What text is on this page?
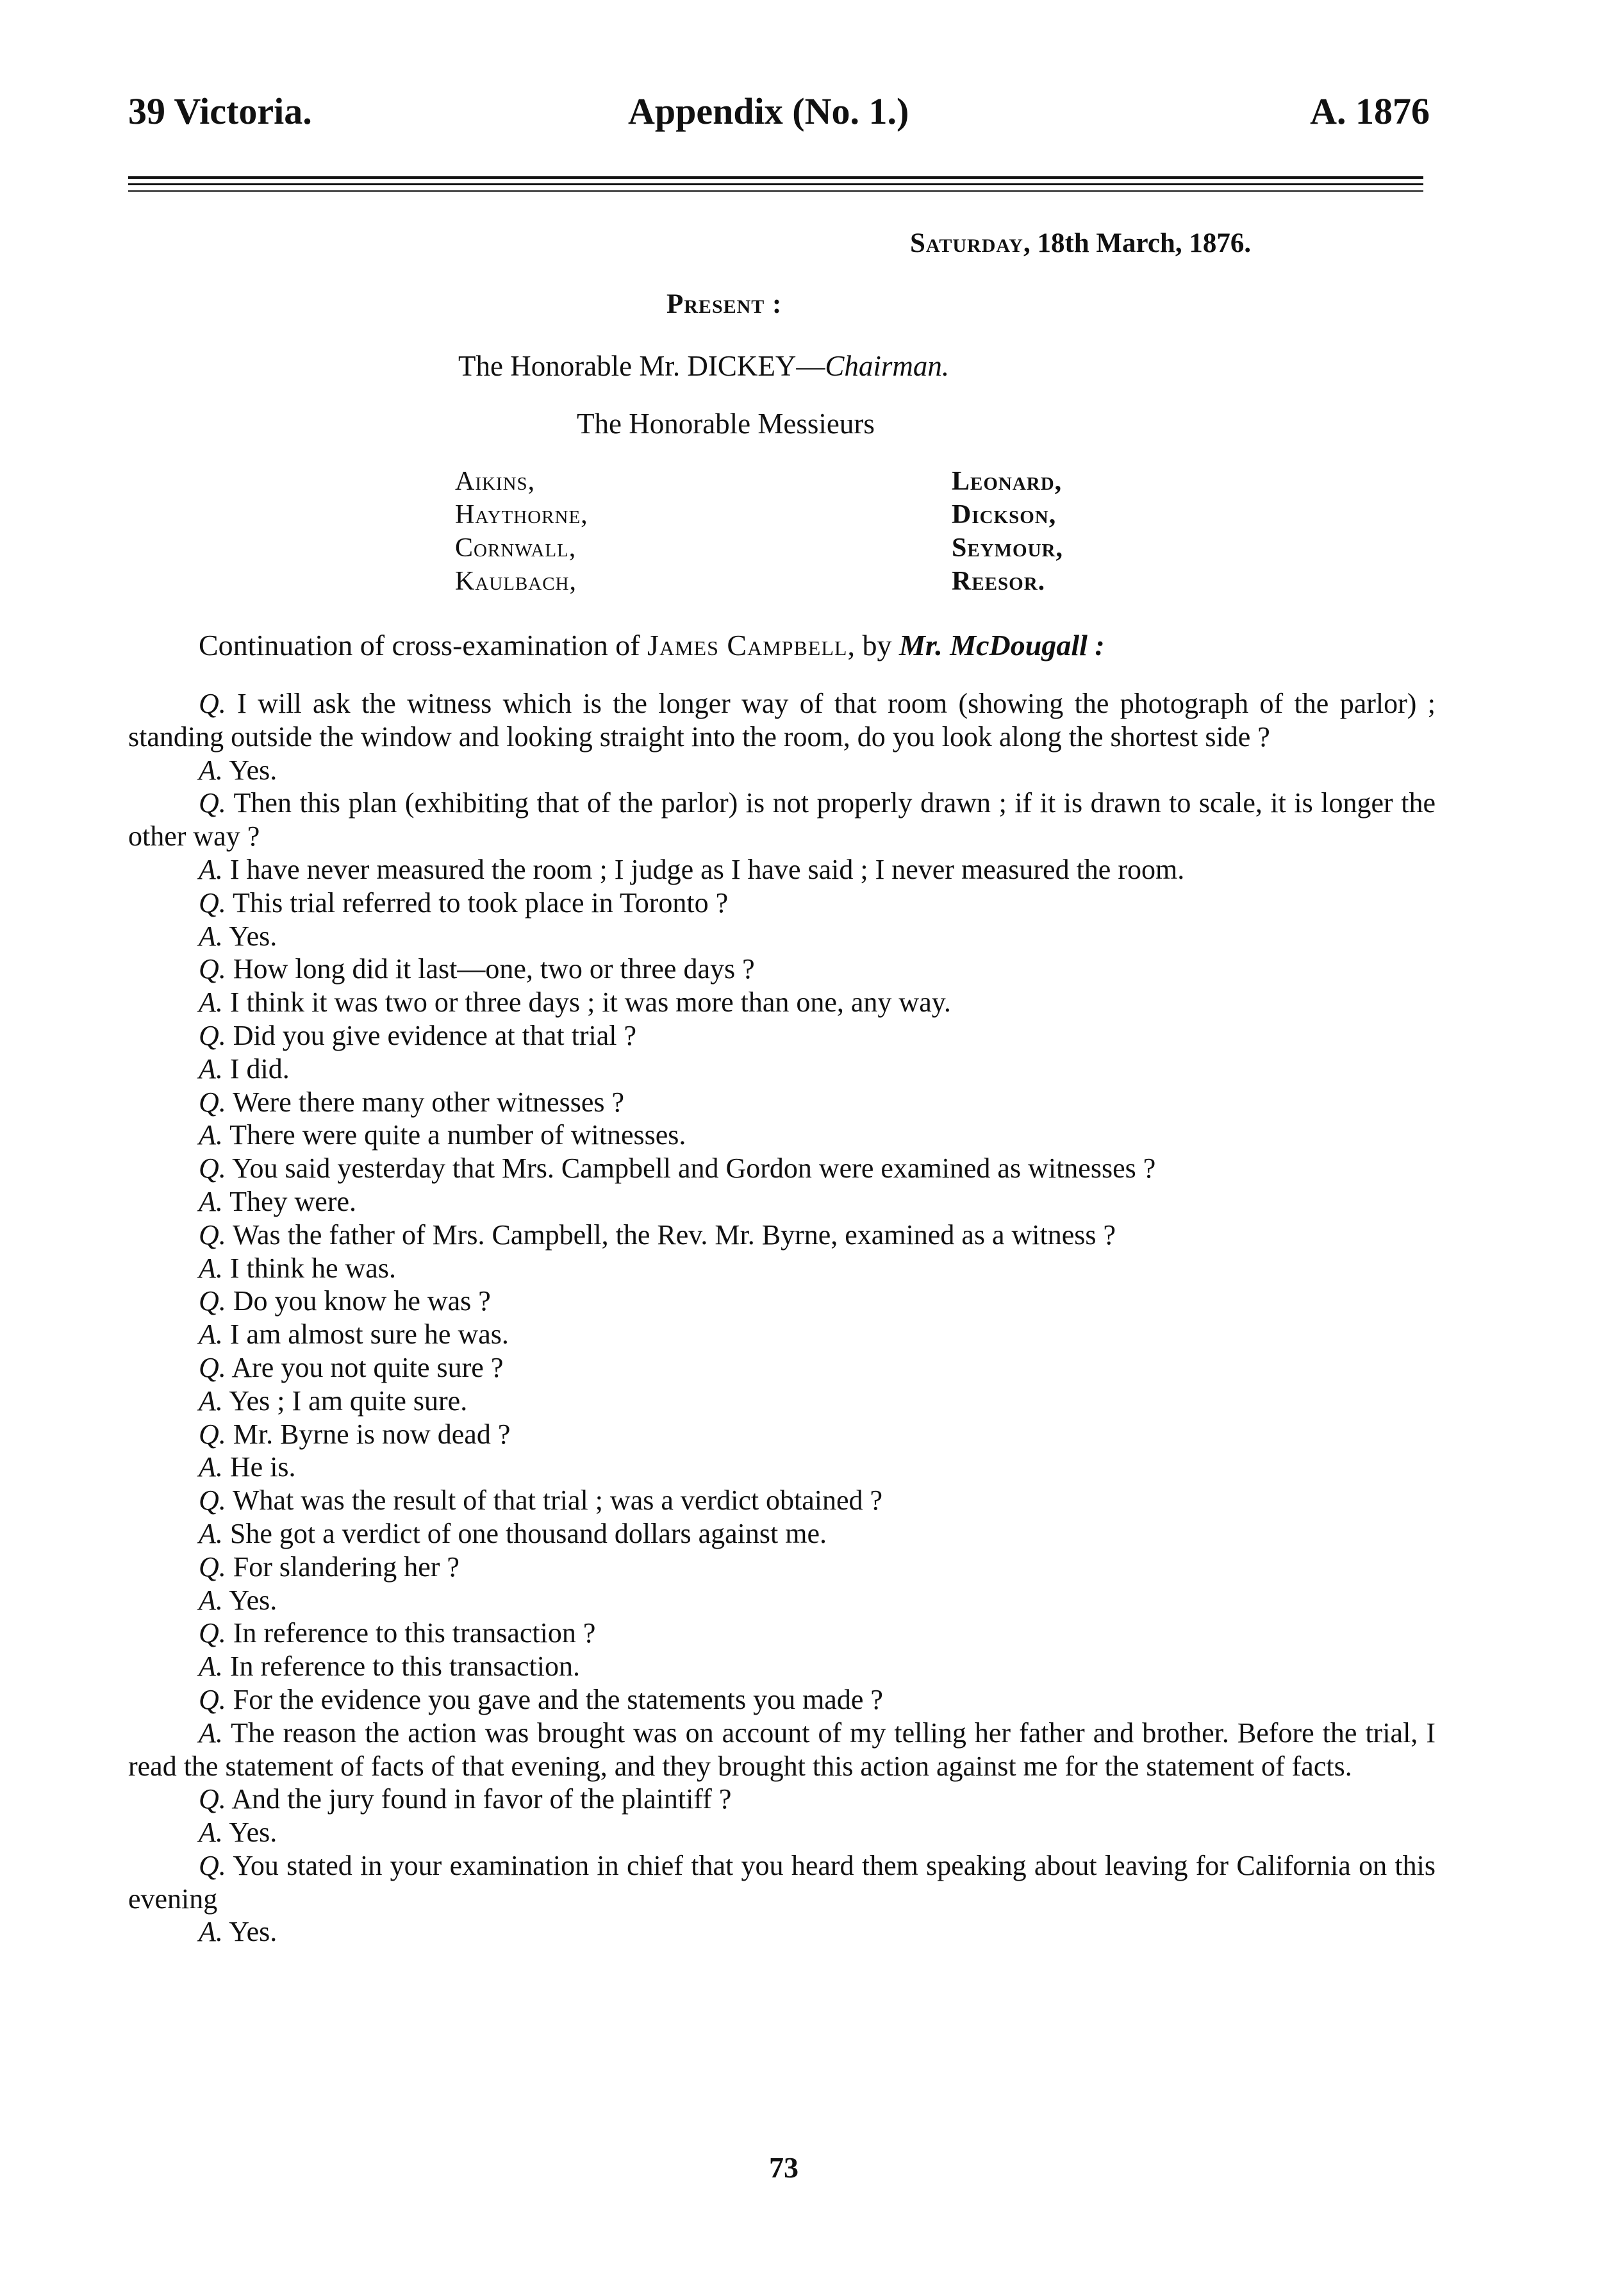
39 Victoria.	Appendix (No. 1.)	A. 1876
Saturday, 18th March, 1876.
Present :
The Honorable Mr. DICKEY—Chairman.
The Honorable Messieurs
Aikins,
Haythorne,
Cornwall,
Kaulbach,
Leonard,
Dickson,
Seymour,
Reesor.
Continuation of cross-examination of James Campbell, by Mr. McDougall :

Q. I will ask the witness which is the longer way of that room (showing the photograph of the parlor) ; standing outside the window and looking straight into the room, do you look along the shortest side ?

A. Yes.

Q. Then this plan (exhibiting that of the parlor) is not properly drawn ; if it is drawn to scale, it is longer the other way ?

A. I have never measured the room ; I judge as I have said ; I never measured the room.

Q. This trial referred to took place in Toronto ?

A. Yes.

Q. How long did it last—one, two or three days ?

A. I think it was two or three days ; it was more than one, any way.

Q. Did you give evidence at that trial ?

A. I did.

Q. Were there many other witnesses ?

A. There were quite a number of witnesses.

Q. You said yesterday that Mrs. Campbell and Gordon were examined as witnesses ?

A. They were.

Q. Was the father of Mrs. Campbell, the Rev. Mr. Byrne, examined as a witness ?

A. I think he was.

Q. Do you know he was ?

A. I am almost sure he was.

Q. Are you not quite sure ?

A. Yes ; I am quite sure.

Q. Mr. Byrne is now dead ?

A. He is.

Q. What was the result of that trial ; was a verdict obtained ?

A. She got a verdict of one thousand dollars against me.

Q. For slandering her ?

A. Yes.

Q. In reference to this transaction ?

A. In reference to this transaction.

Q. For the evidence you gave and the statements you made ?

A. The reason the action was brought was on account of my telling her father and brother. Before the trial, I read the statement of facts of that evening, and they brought this action against me for the statement of facts.

Q. And the jury found in favor of the plaintiff ?

A. Yes.

Q. You stated in your examination in chief that you heard them speaking about leaving for California on this evening

A. Yes.

73
